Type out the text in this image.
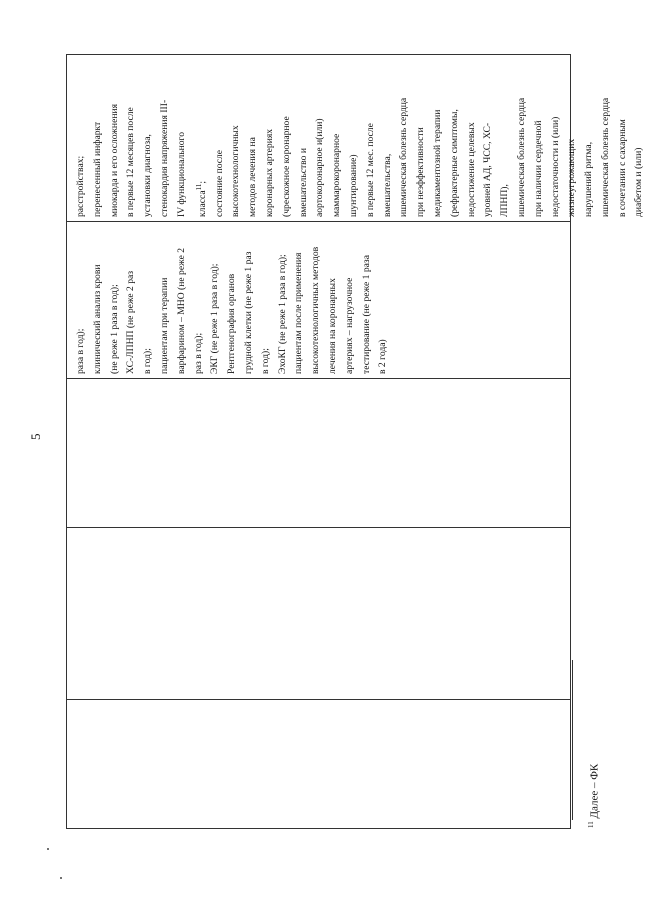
5
раза в год); клинический анализ крови (не реже 1 раза в год); ХС-ЛПНП (не реже 2 раз в год); пациентам при терапии варфарином – МНО (не реже 2 раз в год); ЭКГ (не реже 1 раза в год); Рентгенография органов грудной клетки (не реже 1 раз в год); ЭхоКГ (не реже 1 раза в год); пациентам после применения высокотехнологичных методов лечения на коронарных артериях – нагрузочное тестирование (не реже 1 раза в 2 года)
расстройствах; перенесенный инфаркт миокарда и его осложнения в первые 12 месяцев после установки диагноза, стенокардия напряжения III- IV функционального	класса$^{11}$; состояние после высокотехнологичных методов лечения на коронарных артериях (чрескожное коронарное вмешательство и аортокоронарное и(или) маммарокоронарное шунтирование) в первые 12 мес. после вмешательства, ишемическая болезнь сердца при неэффективности медикаментозной терапии (рефрактерные симптомы, недостижение целевых уровней АД, ЧСС, ХС- ЛПНП), ишемическая болезнь сердца при наличии сердечной недостаточности и (или) жизнеугрожающих нарушений ритма, ишемическая болезнь сердца в сочетании с сахарным диабетом и (или)
$^{11}$ Далее – ФК
